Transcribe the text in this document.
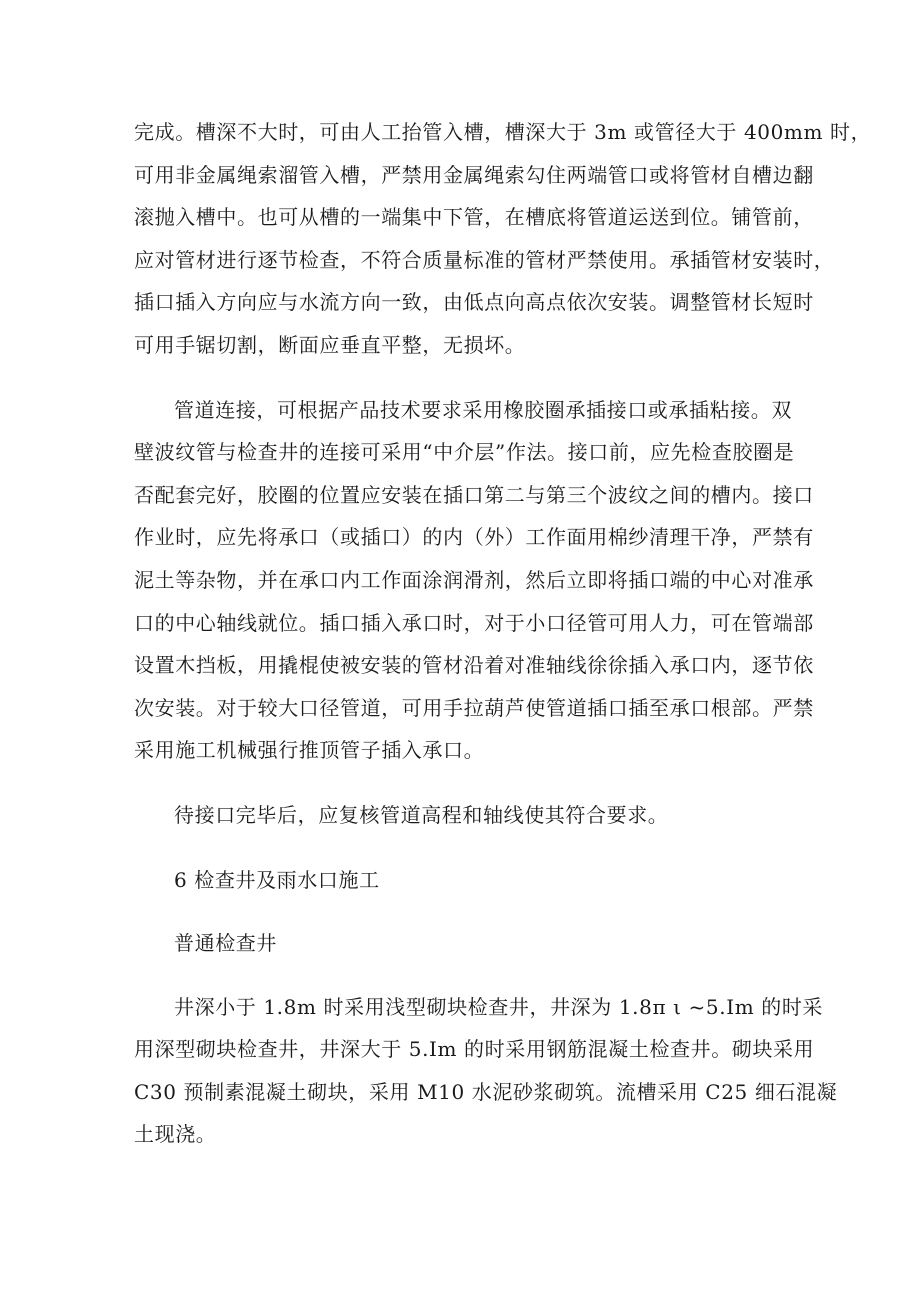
完成。槽深不大时，可由人工抬管入槽，槽深大于 3m 或管径大于 400mm 时，
可用非金属绳索溜管入槽，严禁用金属绳索勾住两端管口或将管材自槽边翻
滚抛入槽中。也可从槽的一端集中下管，在槽底将管道运送到位。铺管前，
应对管材进行逐节检查，不符合质量标准的管材严禁使用。承插管材安装时，
插口插入方向应与水流方向一致，由低点向高点依次安装。调整管材长短时
可用手锯切割，断面应垂直平整，无损坏。
管道连接，可根据产品技术要求采用橡胶圈承插接口或承插粘接。双
壁波纹管与检查井的连接可采用“中介层”作法。接口前，应先检查胶圈是
否配套完好，胶圈的位置应安装在插口第二与第三个波纹之间的槽内。接口
作业时，应先将承口（或插口）的内（外）工作面用棉纱清理干净，严禁有
泥土等杂物，并在承口内工作面涂润滑剂，然后立即将插口端的中心对准承
口的中心轴线就位。插口插入承口时，对于小口径管可用人力，可在管端部
设置木挡板，用撬棍使被安装的管材沿着对准轴线徐徐插入承口内，逐节依
次安装。对于较大口径管道，可用手拉葫芦使管道插口插至承口根部。严禁
采用施工机械强行推顶管子插入承口。
待接口完毕后，应复核管道高程和轴线使其符合要求。
6 检查井及雨水口施工
普通检查井
井深小于 1.8m 时采用浅型砌块检查井，井深为 1.8π ι ~5.Im 的时采
用深型砌块检查井，井深大于 5.Im 的时采用钢筋混凝土检查井。砌块采用
C30 预制素混凝土砌块，采用 M10 水泥砂浆砌筑。流槽采用 C25 细石混凝
土现浇。
